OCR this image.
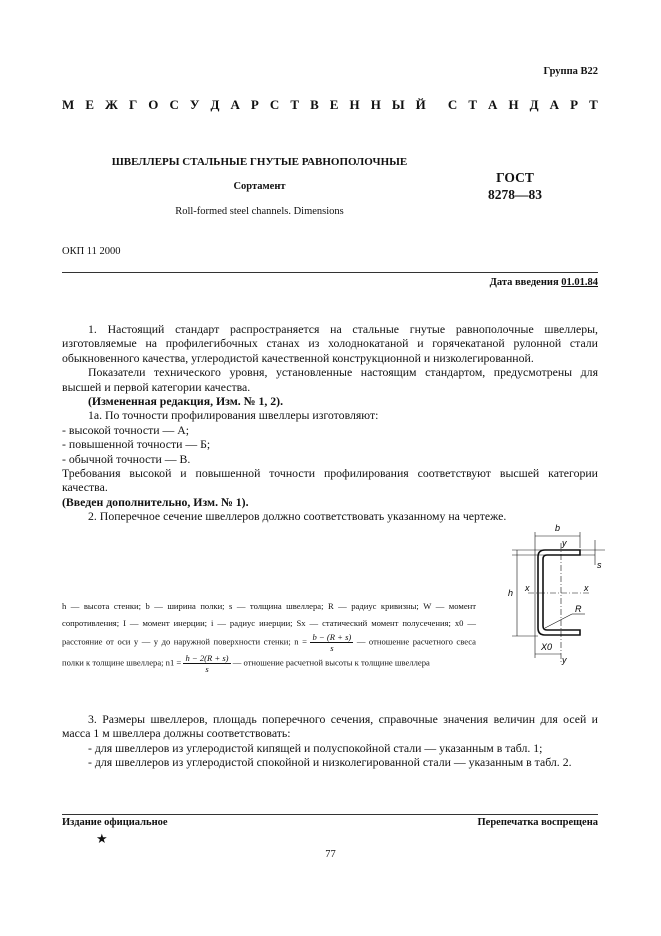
Группа В22
М Е Ж Г О С У Д А Р С Т В Е Н Н Ы Й С Т А Н Д А Р Т
ШВЕЛЛЕРЫ СТАЛЬНЫЕ ГНУТЫЕ РАВНОПОЛОЧНЫЕ
Сортамент
Roll-formed steel channels. Dimensions
ГОСТ
8278—83
ОКП 11 2000
Дата введения 01.01.84

1. Настоящий стандарт распространяется на стальные гнутые равнополочные швеллеры, изготовляемые на профилегибочных станах из холоднокатаной и горячекатаной рулонной стали обыкновенного качества, углеродистой качественной конструкционной и низколегированной.

Показатели технического уровня, установленные настоящим стандартом, предусмотрены для высшей и первой категории качества.

(Измененная редакция, Изм. № 1, 2).

1а. По точности профилирования швеллеры изготовляют:

- высокой точности — А;

- повышенной точности — Б;

- обычной точности — В.

Требования высокой и повышенной точности профилирования соответствуют высшей категории качества.

(Введен дополнительно, Изм. № 1).

2. Поперечное сечение швеллеров должно соответствовать указанному на чертеже.

h — высота стенки; b — ширина полки; s — толщина швеллера; R — радиус кривизны; W — момент сопротивления; I — момент инерции; i — радиус инерции; Sx — статический момент полусечения; x0 — расстояние от оси y — y до наружной поверхности стенки; $n = \frac{b - (R + s)}{s}$ — отношение расчетного свеса полки к толщине швеллера; $n1 = \frac{h - 2(R + s)}{s}$ — отношение расчетной высоты к толщине швеллера

b
y
s
h x	x
R
X0
y

3. Размеры швеллеров, площадь поперечного сечения, справочные значения величин для осей и масса 1 м швеллера должны соответствовать:

- для швеллеров из углеродистой кипящей и полуспокойной стали — указанным в табл. 1;

- для швеллеров из углеродистой спокойной и низколегированной стали — указанным в табл. 2.

Издание официальное	Перепечатка воспрещена
★
77
